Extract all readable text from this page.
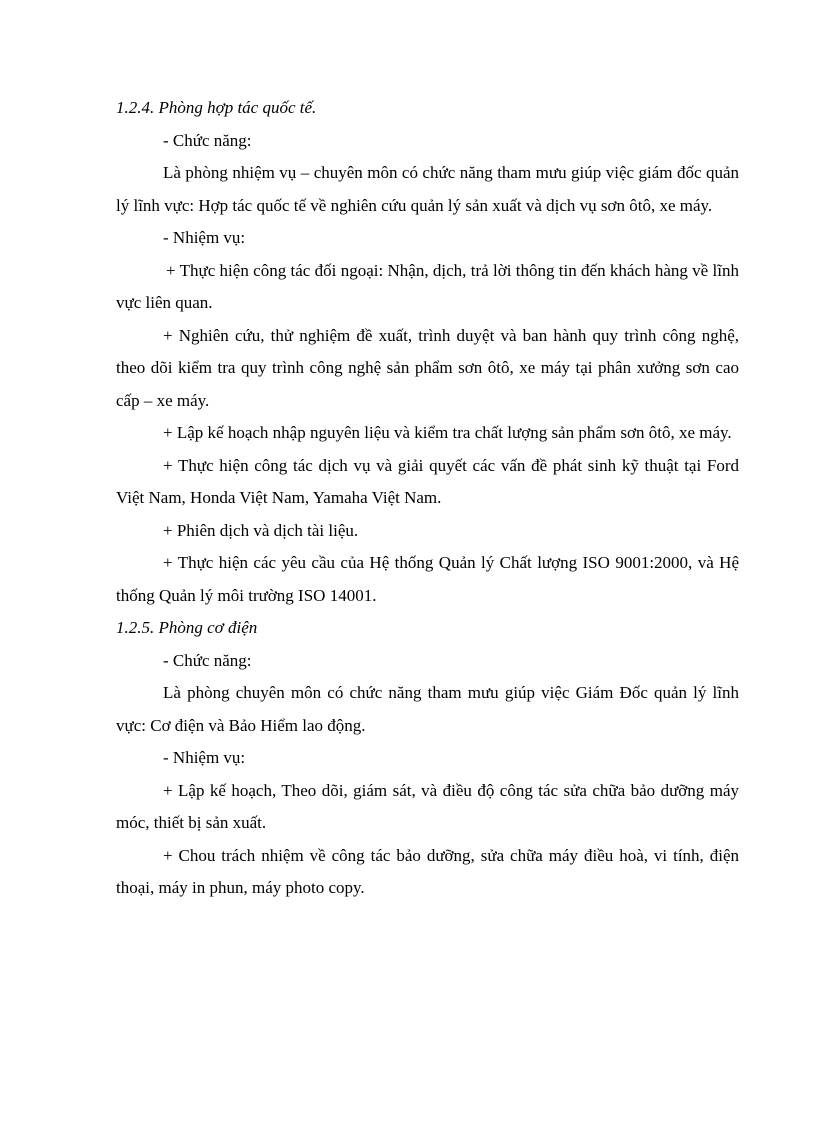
1.2.4. Phòng hợp tác quốc tế.

- Chức năng:

Là phòng nhiệm vụ – chuyên môn có chức năng tham mưu giúp việc giám đốc quản lý lĩnh vực: Hợp tác quốc tế về nghiên cứu quản lý sản xuất và dịch vụ sơn ôtô, xe máy.

- Nhiệm vụ:

+ Thực hiện công tác đối ngoại: Nhận, dịch, trả lời thông tin đến khách hàng về lĩnh vực liên quan.

+ Nghiên cứu, thử nghiệm đề xuất, trình duyệt và ban hành quy trình công nghệ, theo dõi kiểm tra quy trình công nghệ sản phẩm sơn ôtô, xe máy tại phân xưởng sơn cao cấp – xe máy.

+ Lập kế hoạch nhập nguyên liệu và kiểm tra chất lượng sản phẩm sơn ôtô, xe máy.

+ Thực hiện công tác dịch vụ và giải quyết các vấn đề phát sinh kỹ thuật tại Ford Việt Nam, Honda Việt Nam, Yamaha Việt Nam.

+ Phiên dịch và dịch tài liệu.

+ Thực hiện các yêu cầu của Hệ thống Quản lý Chất lượng ISO 9001:2000, và Hệ thống Quản lý môi trường ISO 14001.

1.2.5. Phòng cơ điện

- Chức năng:

Là phòng chuyên môn có chức năng tham mưu giúp việc Giám Đốc quản lý lĩnh vực: Cơ điện và Bảo Hiểm lao động.

- Nhiệm vụ:

+ Lập kế hoạch, Theo dõi, giám sát, và điều độ công tác sửa chữa bảo dưỡng máy móc, thiết bị sản xuất.

+ Chou trách nhiệm về công tác bảo dưỡng, sửa chữa máy điều hoà, vi tính, điện thoại, máy in phun, máy photo copy.
